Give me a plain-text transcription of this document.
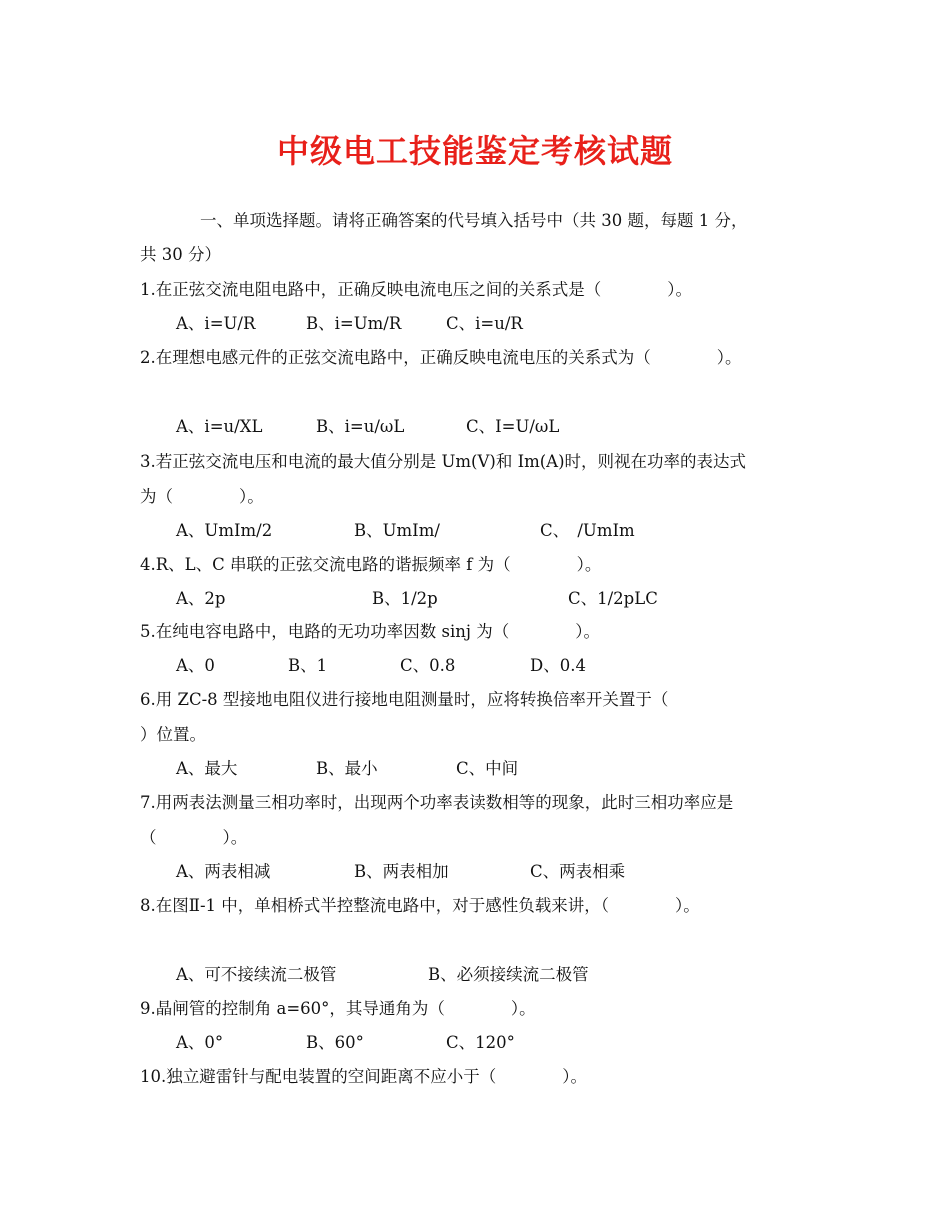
中级电工技能鉴定考核试题
一、单项选择题。请将正确答案的代号填入括号中（共 30 题，每题 1 分，
共 30 分）
1.在正弦交流电阻电路中，正确反映电流电压之间的关系式是（　　　　）。
A、i=U/R	B、i=Um/R	C、i=u/R
2.在理想电感元件的正弦交流电路中，正确反映电流电压的关系式为（　　　　）。
A、i=u/XL	B、i=u/ωL	C、I=U/ωL
3.若正弦交流电压和电流的最大值分别是 Um(V)和 Im(A)时，则视在功率的表达式
为（　　　　）。
A、UmIm/2	B、UmIm/	C、　/UmIm
4.R、L、C 串联的正弦交流电路的谐振频率 f 为（　　　　）。
A、2p	B、1/2p	C、1/2pLC
5.在纯电容电路中，电路的无功功率因数 sinj 为（　　　　）。
A、0	B、1	C、0.8	D、0.4
6.用 ZC-8 型接地电阻仪进行接地电阻测量时，应将转换倍率开关置于（
）位置。
A、最大	B、最小	C、中间
7.用两表法测量三相功率时，出现两个功率表读数相等的现象，此时三相功率应是
（　　　　）。
A、两表相减	B、两表相加	C、两表相乘
8.在图Ⅱ-1 中，单相桥式半控整流电路中，对于感性负载来讲，（　　　　）。
A、可不接续流二极管	B、必须接续流二极管
9.晶闸管的控制角 a=60°，其导通角为（　　　　）。
A、0°	B、60°	C、120°
10.独立避雷针与配电装置的空间距离不应小于（　　　　）。
